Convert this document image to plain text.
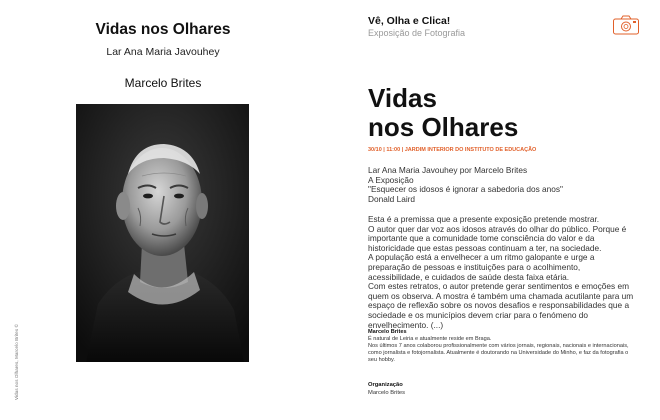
Vidas nos Olhares
Lar Ana Maria Javouhey
Marcelo Brites
Vidas nos Olhares, Marcelo Brites ©
Vê, Olha e Clica!
Exposição de Fotografia
Vidas
nos Olhares
30/10 | 11:00 | JARDIM INTERIOR DO INSTITUTO DE EDUCAÇÃO
Lar Ana Maria Javouhey por Marcelo Brites
A Exposição
"Esquecer os idosos é ignorar a sabedoria dos anos"
Donald Laird

Esta é a premissa que a presente exposição pretende mostrar.

O autor quer dar voz aos idosos através do olhar do público. Porque é importante que a comunidade tome consciência do valor e da historicidade que estas pessoas continuam a ter, na sociedade.

A população está a envelhecer a um ritmo galopante e urge a preparação de pessoas e instituições para o acolhimento, acessibilidade, e cuidados de saúde desta faixa etária.

Com estes retratos, o autor pretende gerar sentimentos e emoções em quem os observa. A mostra é também uma chamada acutilante para um espaço de reflexão sobre os novos desafios e responsabilidades que a sociedade e os municípios devem criar para o fenómeno do envelhecimento. (...)

Marcelo Brites
É natural de Leiria e atualmente reside em Braga.
Nos últimos 7 anos colaborou profissionalmente com vários jornais, regionais, nacionais e internacionais, como jornalista e fotojornalista. Atualmente é doutorando na Universidade do Minho, e faz da fotografia o seu hobby.
Organização
Marcelo Brites
